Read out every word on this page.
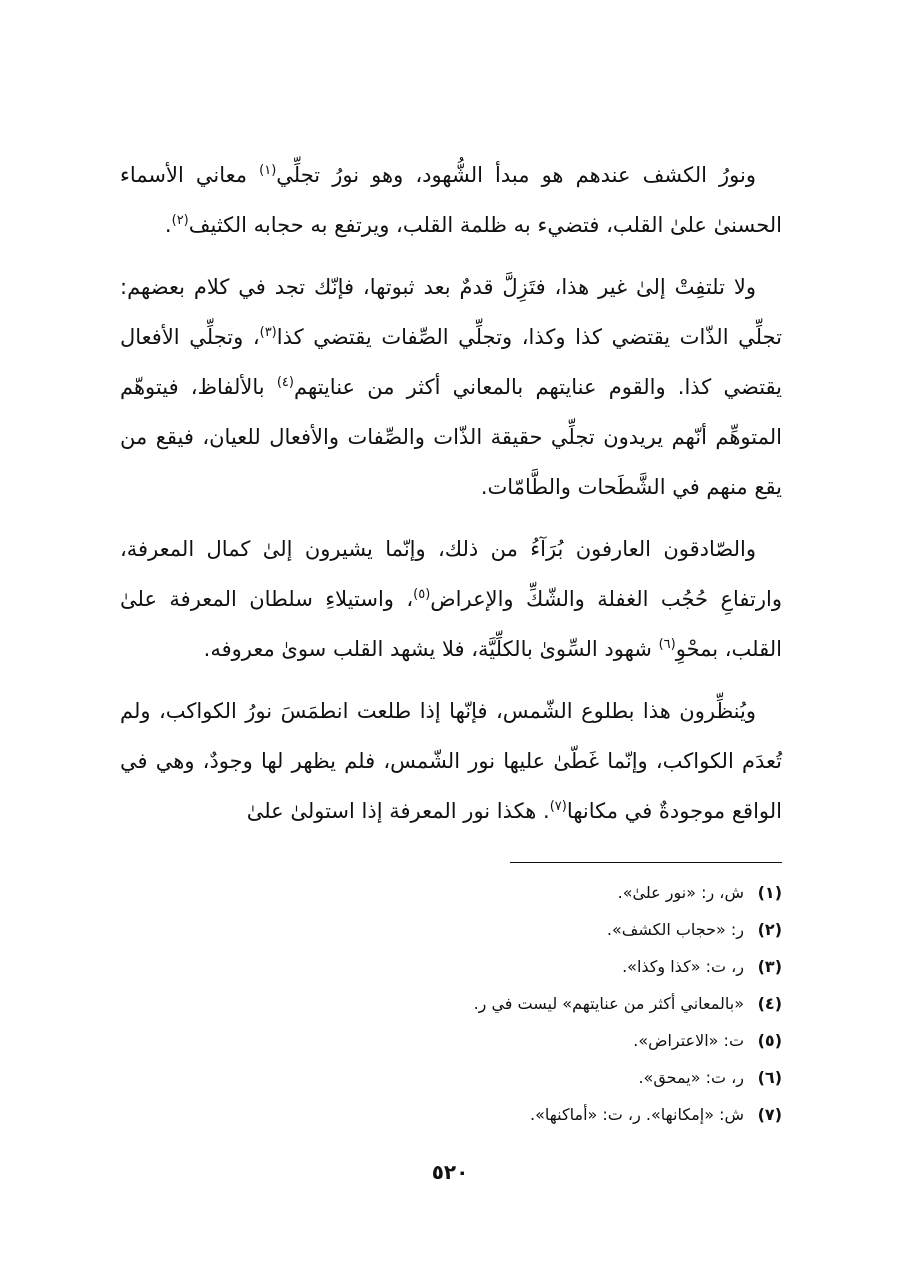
ونورُ الكشف عندهم هو مبدأ الشُّهود، وهو نورُ تجلِّي$^{(١)}$ معاني الأسماء الحسنىٰ علىٰ القلب، فتضيء به ظلمة القلب، ويرتفع به حجابه الكثيف$^{(٢)}$.

ولا تلتفِتْ إلىٰ غير هذا، فتَزِلَّ قدمٌ بعد ثبوتها، فإنّك تجد في كلام بعضهم: تجلِّي الذّات يقتضي كذا وكذا، وتجلِّي الصِّفات يقتضي كذا$^{(٣)}$، وتجلِّي الأفعال يقتضي كذا. والقوم عنايتهم بالمعاني أكثر من عنايتهم$^{(٤)}$ بالألفاظ، فيتوهّم المتوهِّم أنّهم يريدون تجلِّي حقيقة الذّات والصِّفات والأفعال للعيان، فيقع من يقع منهم في الشَّطَحات والطَّامّات.

والصّادقون العارفون بُرَآءُ من ذلك، وإنّما يشيرون إلىٰ كمال المعرفة، وارتفاعِ حُجُب الغفلة والشّكِّ والإعراض$^{(٥)}$، واستيلاءِ سلطان المعرفة علىٰ القلب، بمحْوِ$^{(٦)}$ شهود السِّوىٰ بالكلِّيَّة، فلا يشهد القلب سوىٰ معروفه.

ويُنظِّرون هذا بطلوع الشّمس، فإنّها إذا طلعت انطمَسَ نورُ الكواكب، ولم تُعدَم الكواكب، وإنّما غَطّىٰ عليها نور الشّمس، فلم يظهر لها وجودٌ، وهي في الواقع موجودةٌ في مكانها$^{(٧)}$. هكذا نور المعرفة إذا استولىٰ علىٰ

(١)
ش، ر: «نور علىٰ».
(٢)
ر: «حجاب الكشف».
(٣)
ر، ت: «كذا وكذا».
(٤)
«بالمعاني أكثر من عنايتهم» ليست في ر.
(٥)
ت: «الاعتراض».
(٦)
ر، ت: «يمحق».
(٧)
ش: «إمكانها». ر، ت: «أماكنها».
٥٢٠
